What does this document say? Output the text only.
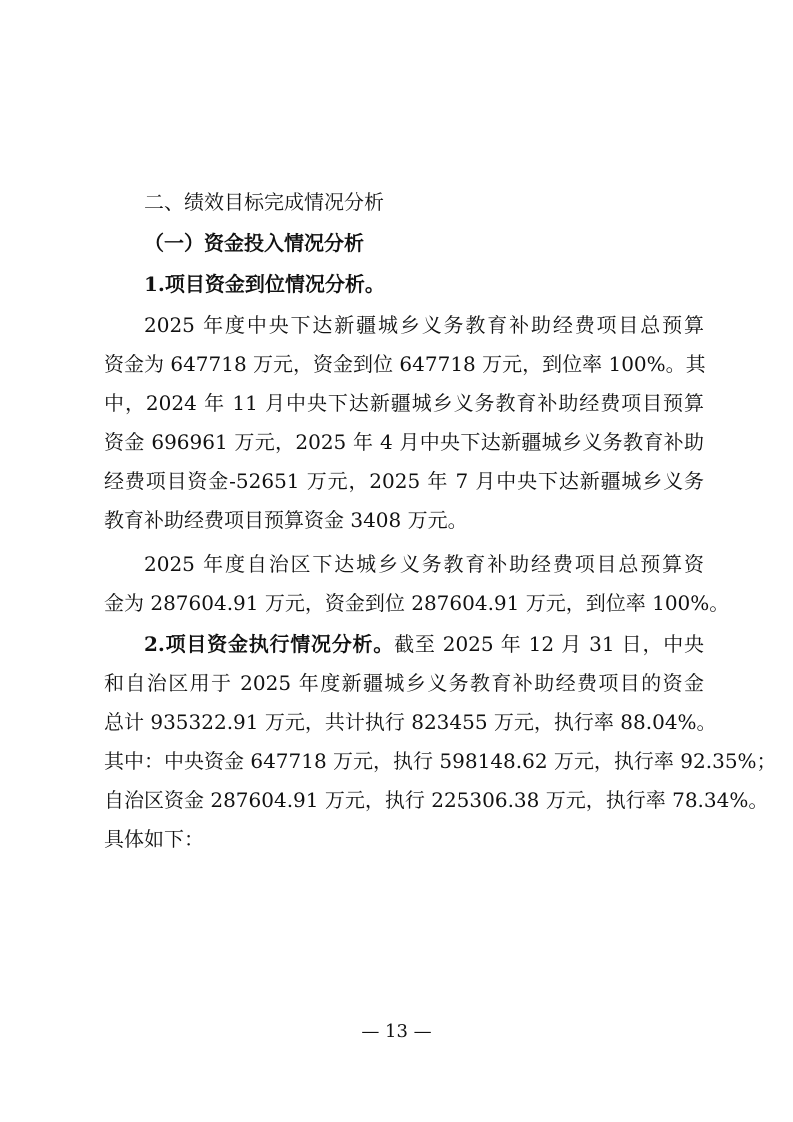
二、绩效目标完成情况分析
（一）资金投入情况分析
1.项目资金到位情况分析。
2025 年度中央下达新疆城乡义务教育补助经费项目总预算
资金为 647718 万元，资金到位 647718 万元，到位率 100%。其
中，2024 年 11 月中央下达新疆城乡义务教育补助经费项目预算
资金 696961 万元，2025 年 4 月中央下达新疆城乡义务教育补助
经费项目资金-52651 万元，2025 年 7 月中央下达新疆城乡义务
教育补助经费项目预算资金 3408 万元。
2025 年度自治区下达城乡义务教育补助经费项目总预算资
金为 287604.91 万元，资金到位 287604.91 万元，到位率 100%。
2.项目资金执行情况分析。截至 2025 年 12 月 31 日，中央
和自治区用于 2025 年度新疆城乡义务教育补助经费项目的资金
总计 935322.91 万元，共计执行 823455 万元，执行率 88.04%。
其中：中央资金 647718 万元，执行 598148.62 万元，执行率 92.35%；
自治区资金 287604.91 万元，执行 225306.38 万元，执行率 78.34%。
具体如下：
— 13 —
